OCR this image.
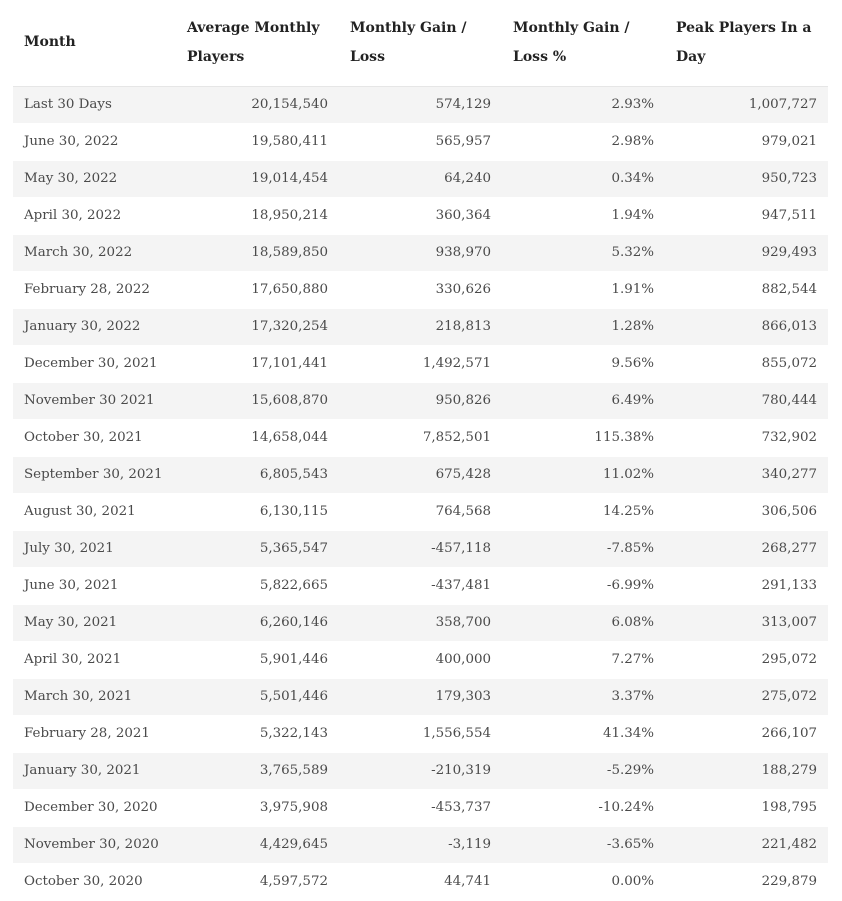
Month	Average Monthly Players	Monthly Gain / Loss	Monthly Gain / Loss %	Peak Players In a Day
Last 30 Days	20,154,540	574,129	2.93%	1,007,727
June 30, 2022	19,580,411	565,957	2.98%	979,021
May 30, 2022	19,014,454	64,240	0.34%	950,723
April 30, 2022	18,950,214	360,364	1.94%	947,511
March 30, 2022	18,589,850	938,970	5.32%	929,493
February 28, 2022	17,650,880	330,626	1.91%	882,544
January 30, 2022	17,320,254	218,813	1.28%	866,013
December 30, 2021	17,101,441	1,492,571	9.56%	855,072
November 30 2021	15,608,870	950,826	6.49%	780,444
October 30, 2021	14,658,044	7,852,501	115.38%	732,902
September 30, 2021	6,805,543	675,428	11.02%	340,277
August 30, 2021	6,130,115	764,568	14.25%	306,506
July 30, 2021	5,365,547	-457,118	-7.85%	268,277
June 30, 2021	5,822,665	-437,481	-6.99%	291,133
May 30, 2021	6,260,146	358,700	6.08%	313,007
April 30, 2021	5,901,446	400,000	7.27%	295,072
March 30, 2021	5,501,446	179,303	3.37%	275,072
February 28, 2021	5,322,143	1,556,554	41.34%	266,107
January 30, 2021	3,765,589	-210,319	-5.29%	188,279
December 30, 2020	3,975,908	-453,737	-10.24%	198,795
November 30, 2020	4,429,645	-3,119	-3.65%	221,482
October 30, 2020	4,597,572	44,741	0.00%	229,879
